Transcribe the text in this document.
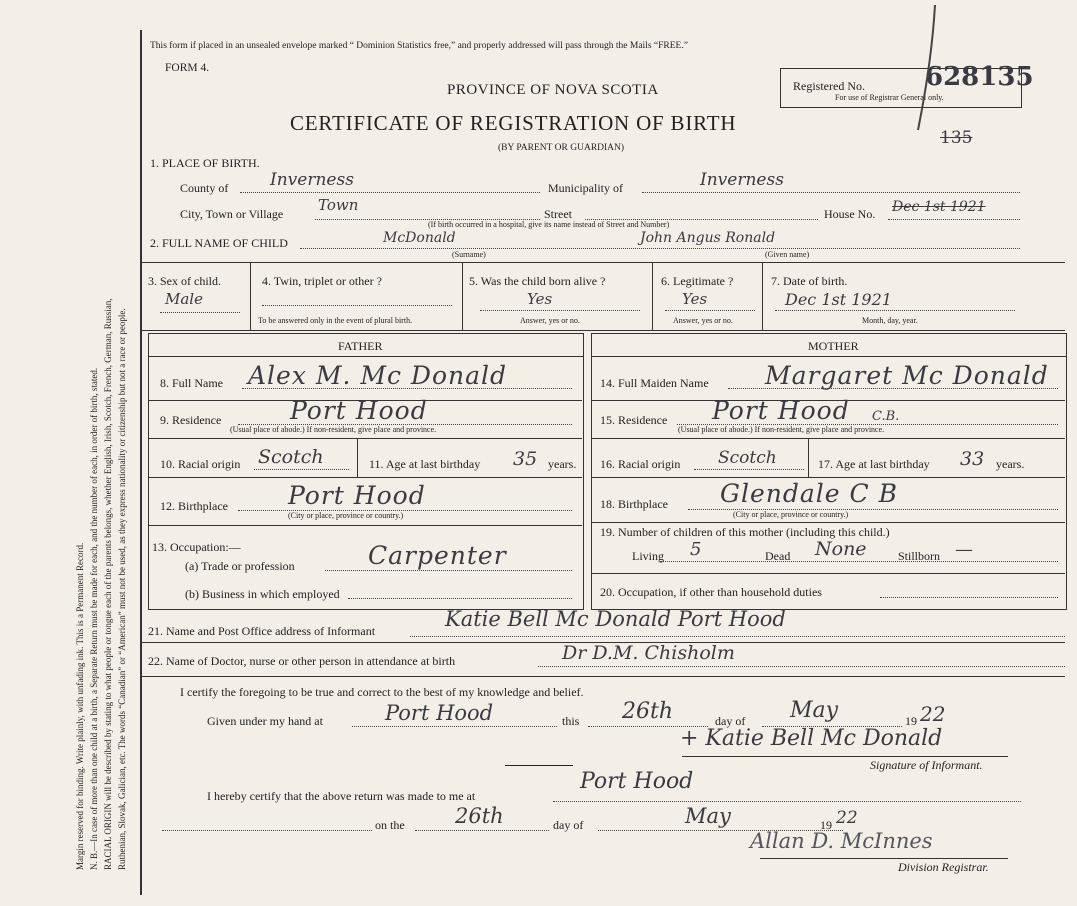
Margin reserved for binding. Write plainly, with unfading ink. This is a Permanent Record. N. B.—In case of more than one child at a birth, a Separate Return must be made for each, and the number of each, in order of birth, stated. RACIAL ORIGIN will be described by stating to what people or tongue each of the parents belongs, whether English, Irish, Scotch, French, German, Russian, Ruthenian, Slovak, Galician, etc. The words “Canadian” or “American” must not be used, as they express nationality or citizenship but not a race or people.
This form if placed in an unsealed envelope marked “ Dominion Statistics free,” and properly addressed will pass through the Mails “FREE.”
FORM 4.
PROVINCE OF NOVA SCOTIA
CERTIFICATE OF REGISTRATION OF BIRTH
(BY PARENT OR GUARDIAN)
Registered No. 628135
For use of Registrar General only.
135
1. PLACE OF BIRTH.
County of Inverness	Municipality of	Inverness
City, Town or Village Town	Street	House No. Dec 1st 1921
(If birth occurred in a hospital, give its name instead of Street and Number)
2. FULL NAME OF CHILD	McDonald	John Angus Ronald
(Surname)	(Given name)
3. Sex of child.
Male
4. Twin, triplet or other ?
To be answered only in the event of plural birth.
5. Was the child born alive ?
Yes
Answer, yes or no.
6. Legitimate ?
Yes
Answer, yes or no.
7. Date of birth.
Dec 1st 1921
Month, day, year.
FATHER	MOTHER
8. Full Name Alex M. Mc Donald
9. Residence	Port Hood
(Usual place of abode.) If non-resident, give place and province.
10. Racial origin Scotch	11. Age at last birthday 35 years.
12. Birthplace Port Hood
(City or place, province or country.)
13. Occupation:—
(a) Trade or profession	Carpenter
(b) Business in which employed
14. Full Maiden Name Margaret Mc Donald
15. Residence Port Hood C.B.
(Usual place of abode.) If non-resident, give place and province.
16. Racial origin Scotch	17. Age at last birthday 33 years.
18. Birthplace Glendale C B
(City or place, province or country.)
19. Number of children of this mother (including this child.)
Living 5	Dead None	Stillborn —
20. Occupation, if other than household duties
21. Name and Post Office address of Informant	Katie Bell Mc Donald Port Hood
22. Name of Doctor, nurse or other person in attendance at birth	Dr D.M. Chisholm
I certify the foregoing to be true and correct to the best of my knowledge and belief.
Given under my hand at	Port Hood	this 26th	day of May	19 22
+ Katie Bell Mc Donald
Signature of Informant.
I hereby certify that the above return was made to me at
Port Hood
on the 26th	day of	May	19 22
Allan D. McInnes
Division Registrar.
